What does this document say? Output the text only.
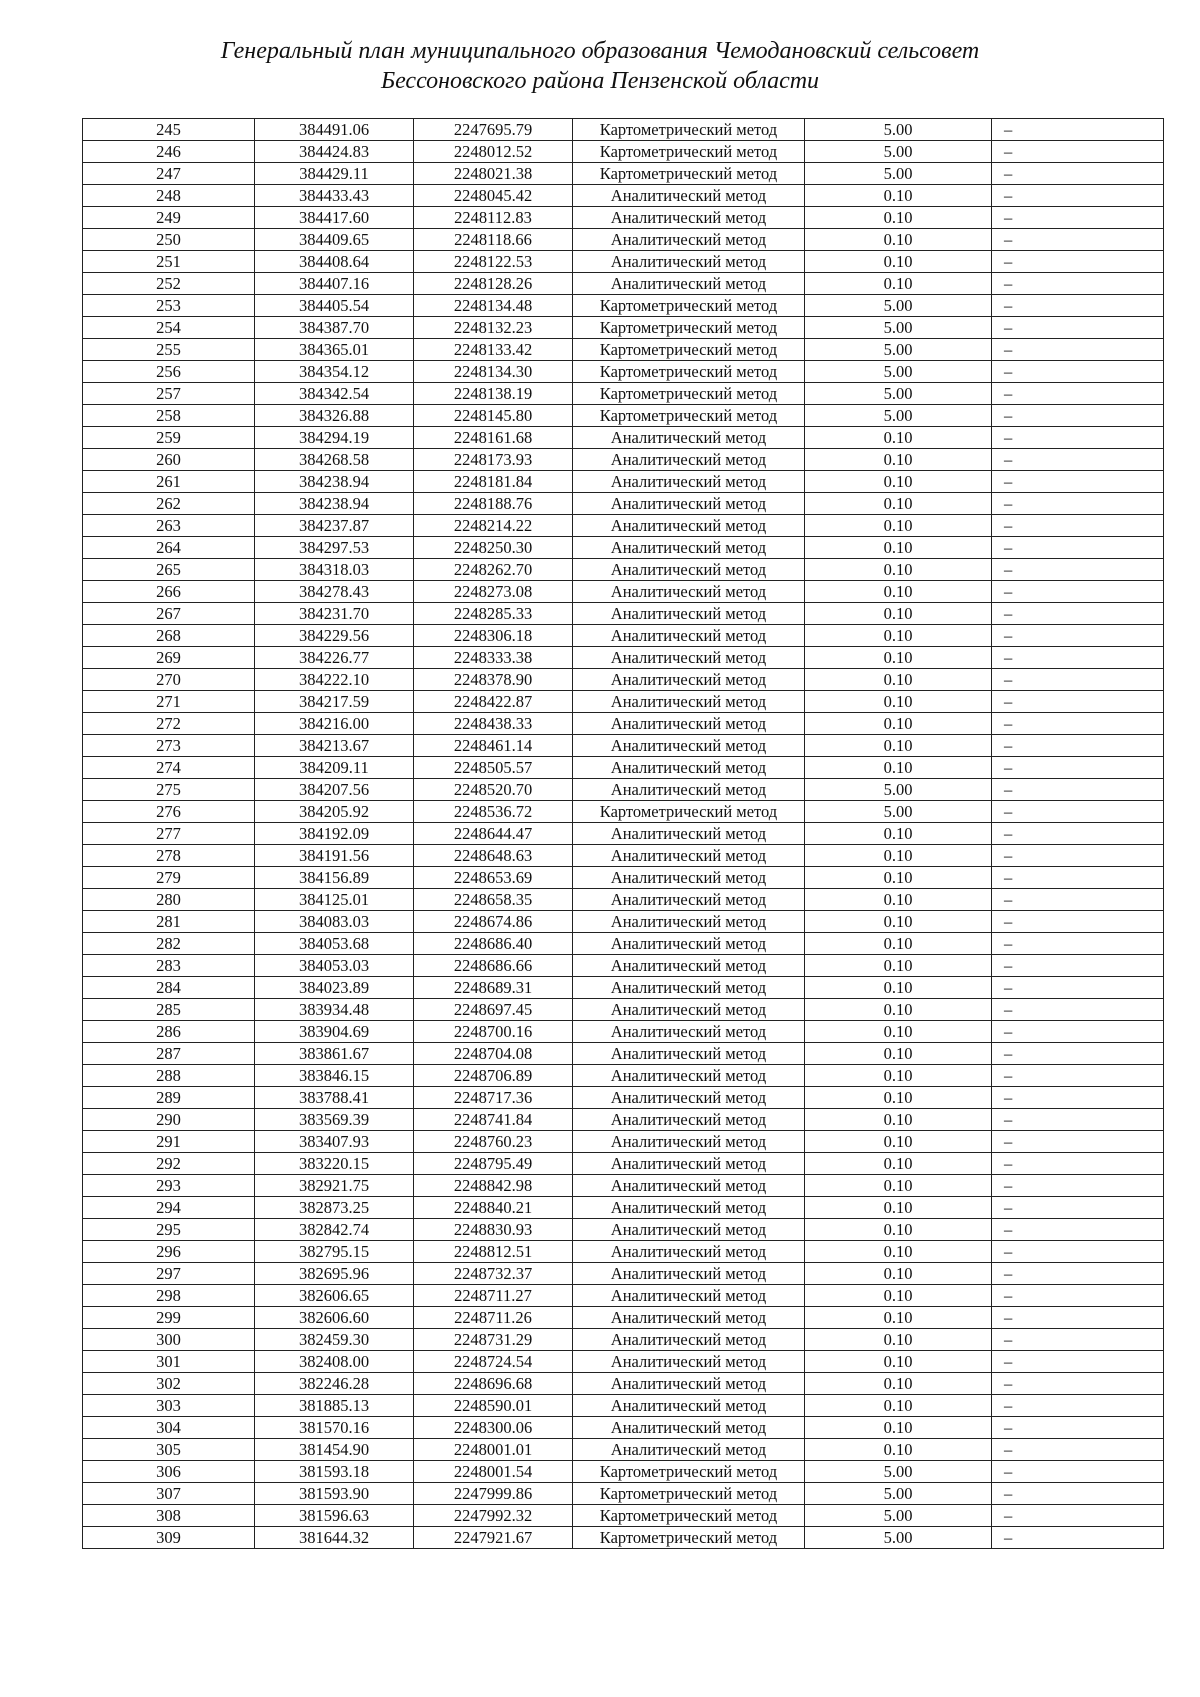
Генеральный план муниципального образования Чемодановский сельсовет
Бессоновского района Пензенской области
245	384491.06	2247695.79	Картометрический метод	5.00	–
246	384424.83	2248012.52	Картометрический метод	5.00	–
247	384429.11	2248021.38	Картометрический метод	5.00	–
248	384433.43	2248045.42	Аналитический метод	0.10	–
249	384417.60	2248112.83	Аналитический метод	0.10	–
250	384409.65	2248118.66	Аналитический метод	0.10	–
251	384408.64	2248122.53	Аналитический метод	0.10	–
252	384407.16	2248128.26	Аналитический метод	0.10	–
253	384405.54	2248134.48	Картометрический метод	5.00	–
254	384387.70	2248132.23	Картометрический метод	5.00	–
255	384365.01	2248133.42	Картометрический метод	5.00	–
256	384354.12	2248134.30	Картометрический метод	5.00	–
257	384342.54	2248138.19	Картометрический метод	5.00	–
258	384326.88	2248145.80	Картометрический метод	5.00	–
259	384294.19	2248161.68	Аналитический метод	0.10	–
260	384268.58	2248173.93	Аналитический метод	0.10	–
261	384238.94	2248181.84	Аналитический метод	0.10	–
262	384238.94	2248188.76	Аналитический метод	0.10	–
263	384237.87	2248214.22	Аналитический метод	0.10	–
264	384297.53	2248250.30	Аналитический метод	0.10	–
265	384318.03	2248262.70	Аналитический метод	0.10	–
266	384278.43	2248273.08	Аналитический метод	0.10	–
267	384231.70	2248285.33	Аналитический метод	0.10	–
268	384229.56	2248306.18	Аналитический метод	0.10	–
269	384226.77	2248333.38	Аналитический метод	0.10	–
270	384222.10	2248378.90	Аналитический метод	0.10	–
271	384217.59	2248422.87	Аналитический метод	0.10	–
272	384216.00	2248438.33	Аналитический метод	0.10	–
273	384213.67	2248461.14	Аналитический метод	0.10	–
274	384209.11	2248505.57	Аналитический метод	0.10	–
275	384207.56	2248520.70	Аналитический метод	5.00	–
276	384205.92	2248536.72	Картометрический метод	5.00	–
277	384192.09	2248644.47	Аналитический метод	0.10	–
278	384191.56	2248648.63	Аналитический метод	0.10	–
279	384156.89	2248653.69	Аналитический метод	0.10	–
280	384125.01	2248658.35	Аналитический метод	0.10	–
281	384083.03	2248674.86	Аналитический метод	0.10	–
282	384053.68	2248686.40	Аналитический метод	0.10	–
283	384053.03	2248686.66	Аналитический метод	0.10	–
284	384023.89	2248689.31	Аналитический метод	0.10	–
285	383934.48	2248697.45	Аналитический метод	0.10	–
286	383904.69	2248700.16	Аналитический метод	0.10	–
287	383861.67	2248704.08	Аналитический метод	0.10	–
288	383846.15	2248706.89	Аналитический метод	0.10	–
289	383788.41	2248717.36	Аналитический метод	0.10	–
290	383569.39	2248741.84	Аналитический метод	0.10	–
291	383407.93	2248760.23	Аналитический метод	0.10	–
292	383220.15	2248795.49	Аналитический метод	0.10	–
293	382921.75	2248842.98	Аналитический метод	0.10	–
294	382873.25	2248840.21	Аналитический метод	0.10	–
295	382842.74	2248830.93	Аналитический метод	0.10	–
296	382795.15	2248812.51	Аналитический метод	0.10	–
297	382695.96	2248732.37	Аналитический метод	0.10	–
298	382606.65	2248711.27	Аналитический метод	0.10	–
299	382606.60	2248711.26	Аналитический метод	0.10	–
300	382459.30	2248731.29	Аналитический метод	0.10	–
301	382408.00	2248724.54	Аналитический метод	0.10	–
302	382246.28	2248696.68	Аналитический метод	0.10	–
303	381885.13	2248590.01	Аналитический метод	0.10	–
304	381570.16	2248300.06	Аналитический метод	0.10	–
305	381454.90	2248001.01	Аналитический метод	0.10	–
306	381593.18	2248001.54	Картометрический метод	5.00	–
307	381593.90	2247999.86	Картометрический метод	5.00	–
308	381596.63	2247992.32	Картометрический метод	5.00	–
309	381644.32	2247921.67	Картометрический метод	5.00	–
